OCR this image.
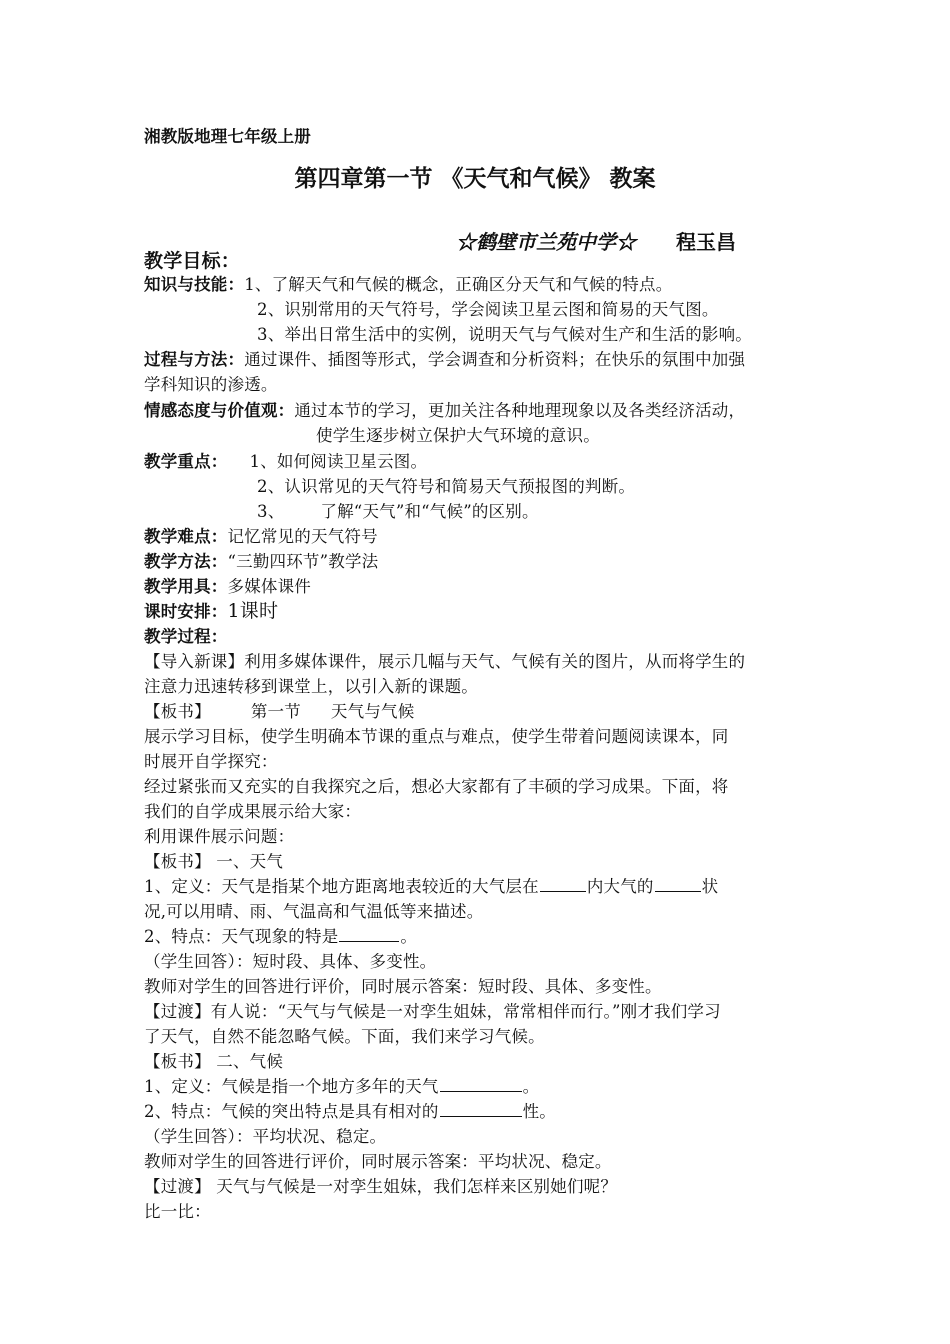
湘教版地理七年级上册
第四章第一节 《天气和气候》 教案
☆鹤壁市兰苑中学☆ 程玉昌
教学目标：
知识与技能：1、了解天气和气候的概念，正确区分天气和气候的特点。
2、识别常用的天气符号，学会阅读卫星云图和简易的天气图。
3、举出日常生活中的实例，说明天气与气候对生产和生活的影响。
过程与方法：通过课件、插图等形式，学会调查和分析资料；在快乐的氛围中加强
学科知识的渗透。
情感态度与价值观：通过本节的学习，更加关注各种地理现象以及各类经济活动，
使学生逐步树立保护大气环境的意识。
教学重点： 1、如何阅读卫星云图。
2、认识常见的天气符号和简易天气预报图的判断。
3、 了解“天气”和“气候”的区别。
教学难点：记忆常见的天气符号
教学方法：“三勤四环节”教学法
教学用具：多媒体课件
课时安排：1课时
教学过程：
【导入新课】利用多媒体课件，展示几幅与天气、气候有关的图片，从而将学生的
注意力迅速转移到课堂上，以引入新的课题。
【板书】 第一节 天气与气候
展示学习目标，使学生明确本节课的重点与难点，使学生带着问题阅读课本，同
时展开自学探究：
经过紧张而又充实的自我探究之后，想必大家都有了丰硕的学习成果。下面，将
我们的自学成果展示给大家：
利用课件展示问题：
【板书】 一、天气
1、定义：天气是指某个地方距离地表较近的大气层在	内大气的	状
况,可以用晴、雨、气温高和气温低等来描述。
2、特点：天气现象的特是	。
（学生回答）：短时段、具体、多变性。
教师对学生的回答进行评价，同时展示答案：短时段、具体、多变性。
【过渡】有人说：“天气与气候是一对孪生姐妹，常常相伴而行。”刚才我们学习
了天气，自然不能忽略气候。下面，我们来学习气候。
【板书】 二、气候
1、定义：气候是指一个地方多年的天气	。
2、特点：气候的突出特点是具有相对的	性。
（学生回答）：平均状况、稳定。
教师对学生的回答进行评价，同时展示答案：平均状况、稳定。
【过渡】 天气与气候是一对孪生姐妹，我们怎样来区别她们呢？
比一比：
